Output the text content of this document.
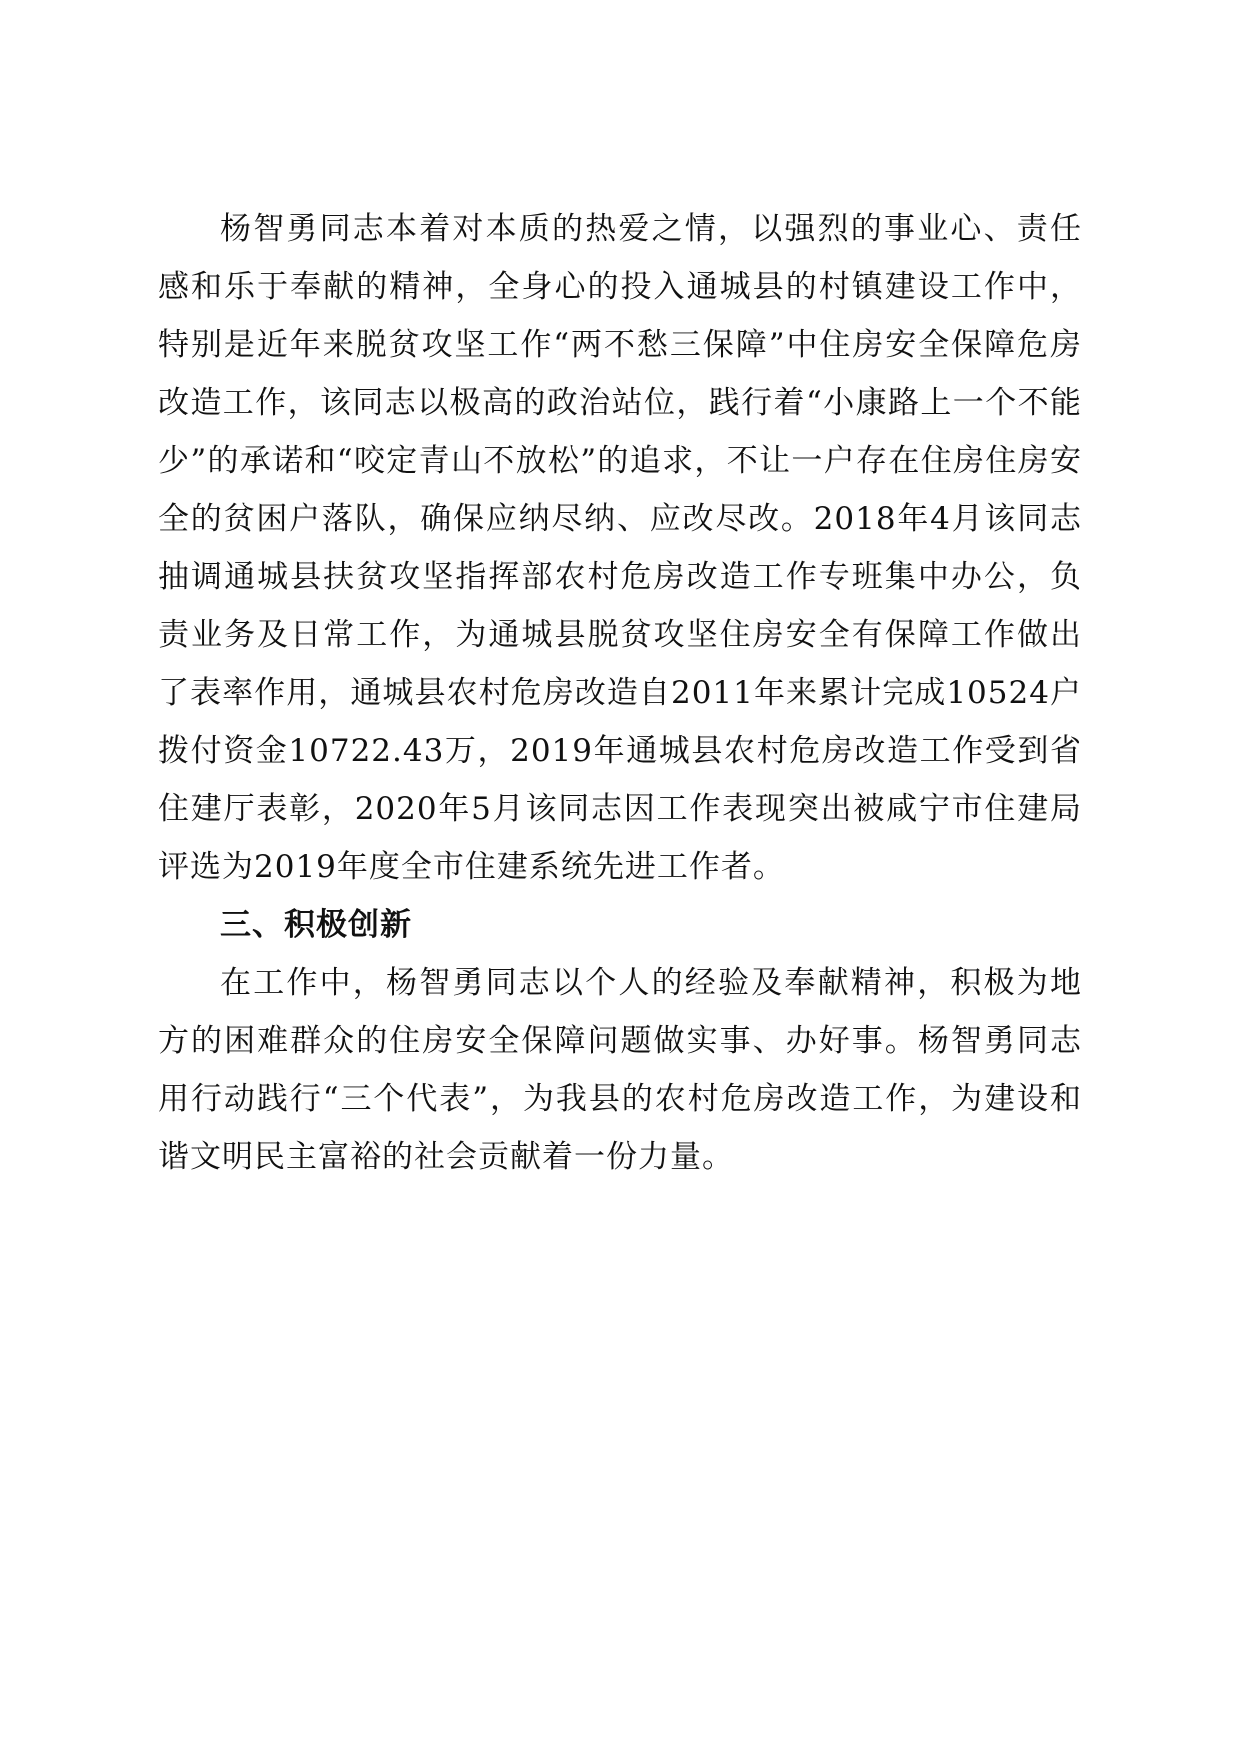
杨智勇同志本着对本质的热爱之情，以强烈的事业心、责任感和乐于奉献的精神，全身心的投入通城县的村镇建设工作中，特别是近年来脱贫攻坚工作“两不愁三保障”中住房安全保障危房改造工作，该同志以极高的政治站位，践行着“小康路上一个不能少”的承诺和“咬定青山不放松”的追求，不让一户存在住房住房安全的贫困户落队，确保应纳尽纳、应改尽改。2018年4月该同志抽调通城县扶贫攻坚指挥部农村危房改造工作专班集中办公，负责业务及日常工作，为通城县脱贫攻坚住房安全有保障工作做出了表率作用，通城县农村危房改造自2011年来累计完成10524户拨付资金10722.43万，2019年通城县农村危房改造工作受到省住建厅表彰，2020年5月该同志因工作表现突出被咸宁市住建局评选为2019年度全市住建系统先进工作者。

三、积极创新

在工作中，杨智勇同志以个人的经验及奉献精神，积极为地方的困难群众的住房安全保障问题做实事、办好事。杨智勇同志用行动践行“三个代表”，为我县的农村危房改造工作，为建设和谐文明民主富裕的社会贡献着一份力量。
